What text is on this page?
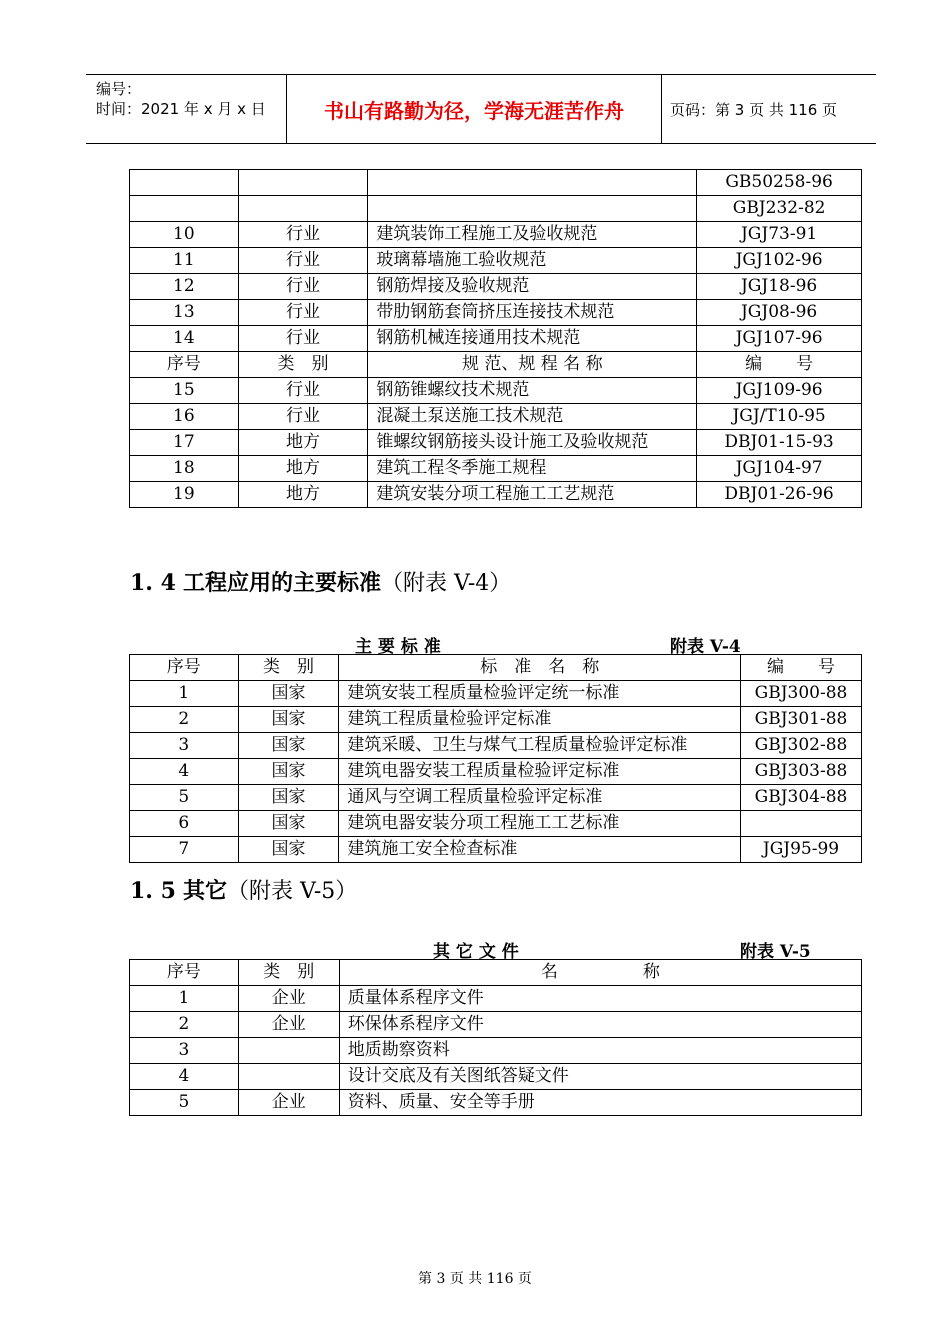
编号：
时间：2021 年 x 月 x 日	书山有路勤为径，学海无涯苦作舟	页码：第 3 页 共 116 页
			GB50258-96
			GBJ232-82
10	行业	建筑装饰工程施工及验收规范	JGJ73-91
11	行业	玻璃幕墙施工验收规范	JGJ102-96
12	行业	钢筋焊接及验收规范	JGJ18-96
13	行业	带肋钢筋套筒挤压连接技术规范	JGJ08-96
14	行业	钢筋机械连接通用技术规范	JGJ107-96
序号	类　别	规 范、规 程 名 称	编　　号
15	行业	钢筋锥螺纹技术规范	JGJ109-96
16	行业	混凝土泵送施工技术规范	JGJ/T10-95
17	地方	锥螺纹钢筋接头设计施工及验收规范	DBJ01-15-93
18	地方	建筑工程冬季施工规程	JGJ104-97
19	地方	建筑安装分项工程施工工艺规范	DBJ01-26-96
1. 4 工程应用的主要标准（附表 V-4）
主 要 标 准	附表 V-4
序号	类　别	标　准　名　称	编　　号
1	国家	建筑安装工程质量检验评定统一标准	GBJ300-88
2	国家	建筑工程质量检验评定标准	GBJ301-88
3	国家	建筑采暖、卫生与煤气工程质量检验评定标准	GBJ302-88
4	国家	建筑电器安装工程质量检验评定标准	GBJ303-88
5	国家	通风与空调工程质量检验评定标准	GBJ304-88
6	国家	建筑电器安装分项工程施工工艺标准	
7	国家	建筑施工安全检查标准	JGJ95-99
1. 5 其它（附表 V-5）
其 它 文 件	附表 V-5
序号	类　别	名　　　　　称
1	企业	质量体系程序文件
2	企业	环保体系程序文件
3		地质勘察资料
4		设计交底及有关图纸答疑文件
5	企业	资料、质量、安全等手册
第 3 页 共 116 页
